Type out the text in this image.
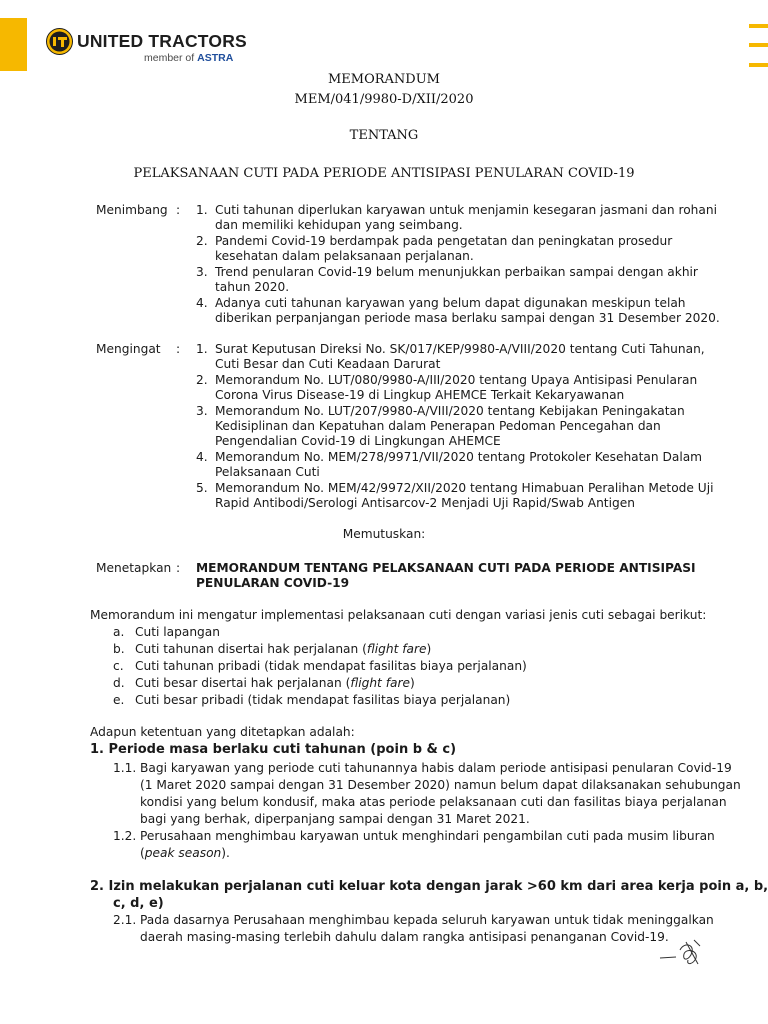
UNITED TRACTORS
member of ASTRA
MEMORANDUM
MEM/041/9980-D/XII/2020
TENTANG
PELAKSANAAN CUTI PADA PERIODE ANTISIPASI PENULARAN COVID-19
Menimbang : 1. Cuti tahunan diperlukan karyawan untuk menjamin kesegaran jasmani dan rohani
dan memiliki kehidupan yang seimbang.
2. Pandemi Covid-19 berdampak pada pengetatan dan peningkatan prosedur
kesehatan dalam pelaksanaan perjalanan.
3. Trend penularan Covid-19 belum menunjukkan perbaikan sampai dengan akhir
tahun 2020.
4. Adanya cuti tahunan karyawan yang belum dapat digunakan meskipun telah
diberikan perpanjangan periode masa berlaku sampai dengan 31 Desember 2020.
Mengingat : 1. Surat Keputusan Direksi No. SK/017/KEP/9980-A/VIII/2020 tentang Cuti Tahunan,
Cuti Besar dan Cuti Keadaan Darurat
2. Memorandum No. LUT/080/9980-A/III/2020 tentang Upaya Antisipasi Penularan
Corona Virus Disease-19 di Lingkup AHEMCE Terkait Kekaryawanan
3. Memorandum No. LUT/207/9980-A/VIII/2020 tentang Kebijakan Peningakatan
Kedisiplinan dan Kepatuhan dalam Penerapan Pedoman Pencegahan dan
Pengendalian Covid-19 di Lingkungan AHEMCE
4. Memorandum No. MEM/278/9971/VII/2020 tentang Protokoler Kesehatan Dalam
Pelaksanaan Cuti
5. Memorandum No. MEM/42/9972/XII/2020 tentang Himabuan Peralihan Metode Uji
Rapid Antibodi/Serologi Antisarcov-2 Menjadi Uji Rapid/Swab Antigen
Memutuskan:
Menetapkan : MEMORANDUM TENTANG PELAKSANAAN CUTI PADA PERIODE ANTISIPASI
PENULARAN COVID-19
Memorandum ini mengatur implementasi pelaksanaan cuti dengan variasi jenis cuti sebagai berikut:
a. Cuti lapangan
b. Cuti tahunan disertai hak perjalanan (flight fare)
c. Cuti tahunan pribadi (tidak mendapat fasilitas biaya perjalanan)
d. Cuti besar disertai hak perjalanan (flight fare)
e. Cuti besar pribadi (tidak mendapat fasilitas biaya perjalanan)
Adapun ketentuan yang ditetapkan adalah:
1. Periode masa berlaku cuti tahunan (poin b & c)
1.1. Bagi karyawan yang periode cuti tahunannya habis dalam periode antisipasi penularan Covid-19
(1 Maret 2020 sampai dengan 31 Desember 2020) namun belum dapat dilaksanakan sehubungan
kondisi yang belum kondusif, maka atas periode pelaksanaan cuti dan fasilitas biaya perjalanan
bagi yang berhak, diperpanjang sampai dengan 31 Maret 2021.
1.2. Perusahaan menghimbau karyawan untuk menghindari pengambilan cuti pada musim liburan
(peak season).
2. Izin melakukan perjalanan cuti keluar kota dengan jarak >60 km dari area kerja poin a, b,
c, d, e)
2.1. Pada dasarnya Perusahaan menghimbau kepada seluruh karyawan untuk tidak meninggalkan
daerah masing-masing terlebih dahulu dalam rangka antisipasi penanganan Covid-19.
